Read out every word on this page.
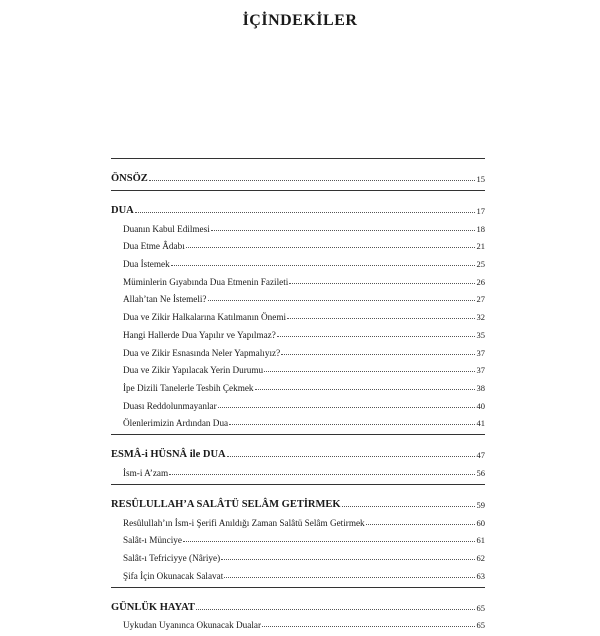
İÇİNDEKİLER
ÖNSÖZ	15
DUA	17
Duanın Kabul Edilmesi	18
Dua Etme Âdabı	21
Dua İstemek	25
Müminlerin Gıyabında Dua Etmenin Fazileti	26
Allah’tan Ne İstemeli?	27
Dua ve Zikir Halkalarına Katılmanın Önemi	32
Hangi Hallerde Dua Yapılır ve Yapılmaz?	35
Dua ve Zikir Esnasında Neler Yapmalıyız?	37
Dua ve Zikir Yapılacak Yerin Durumu	37
İpe Dizili Tanelerle Tesbih Çekmek	38
Duası Reddolunmayanlar	40
Ölenlerimizin Ardından Dua	41
ESMÂ-i HÜSNÂ ile DUA	47
İsm-i A’zam	56
RESÛLULLAH’A SALÂTÜ SELÂM GETİRMEK	59
Resûlullah’ın İsm-i Şerifi Anıldığı Zaman Salâtü Selâm Getirmek	60
Salât-ı Münciye	61
Salât-ı Tefriciyye (Nâriye)	62
Şifa İçin Okunacak Salavat	63
GÜNLÜK HAYAT	65
Uykudan Uyanınca Okunacak Dualar	65
